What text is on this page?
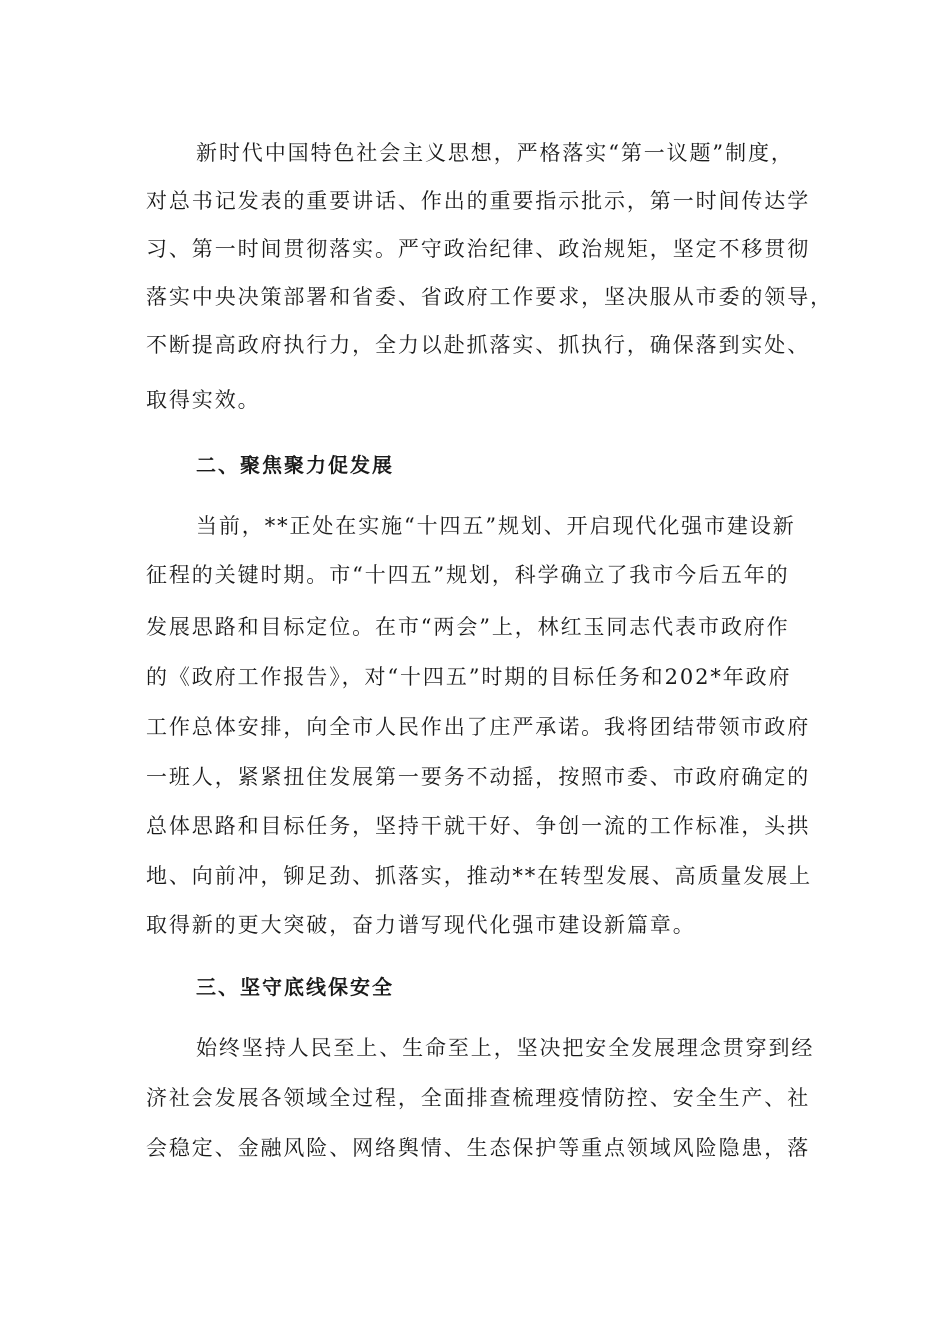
新时代中国特色社会主义思想，严格落实“第一议题”制度，
对总书记发表的重要讲话、作出的重要指示批示，第一时间传达学
习、第一时间贯彻落实。严守政治纪律、政治规矩，坚定不移贯彻
落实中央决策部署和省委、省政府工作要求，坚决服从市委的领导，
不断提高政府执行力，全力以赴抓落实、抓执行，确保落到实处、
取得实效。
二、聚焦聚力促发展
当前，**正处在实施“十四五”规划、开启现代化强市建设新
征程的关键时期。市“十四五”规划，科学确立了我市今后五年的
发展思路和目标定位。在市“两会”上，林红玉同志代表市政府作
的《政府工作报告》，对“十四五”时期的目标任务和202*年政府
工作总体安排，向全市人民作出了庄严承诺。我将团结带领市政府
一班人，紧紧扭住发展第一要务不动摇，按照市委、市政府确定的
总体思路和目标任务，坚持干就干好、争创一流的工作标准，头拱
地、向前冲，铆足劲、抓落实，推动**在转型发展、高质量发展上
取得新的更大突破，奋力谱写现代化强市建设新篇章。
三、坚守底线保安全
始终坚持人民至上、生命至上，坚决把安全发展理念贯穿到经
济社会发展各领域全过程，全面排查梳理疫情防控、安全生产、社
会稳定、金融风险、网络舆情、生态保护等重点领域风险隐患，落
